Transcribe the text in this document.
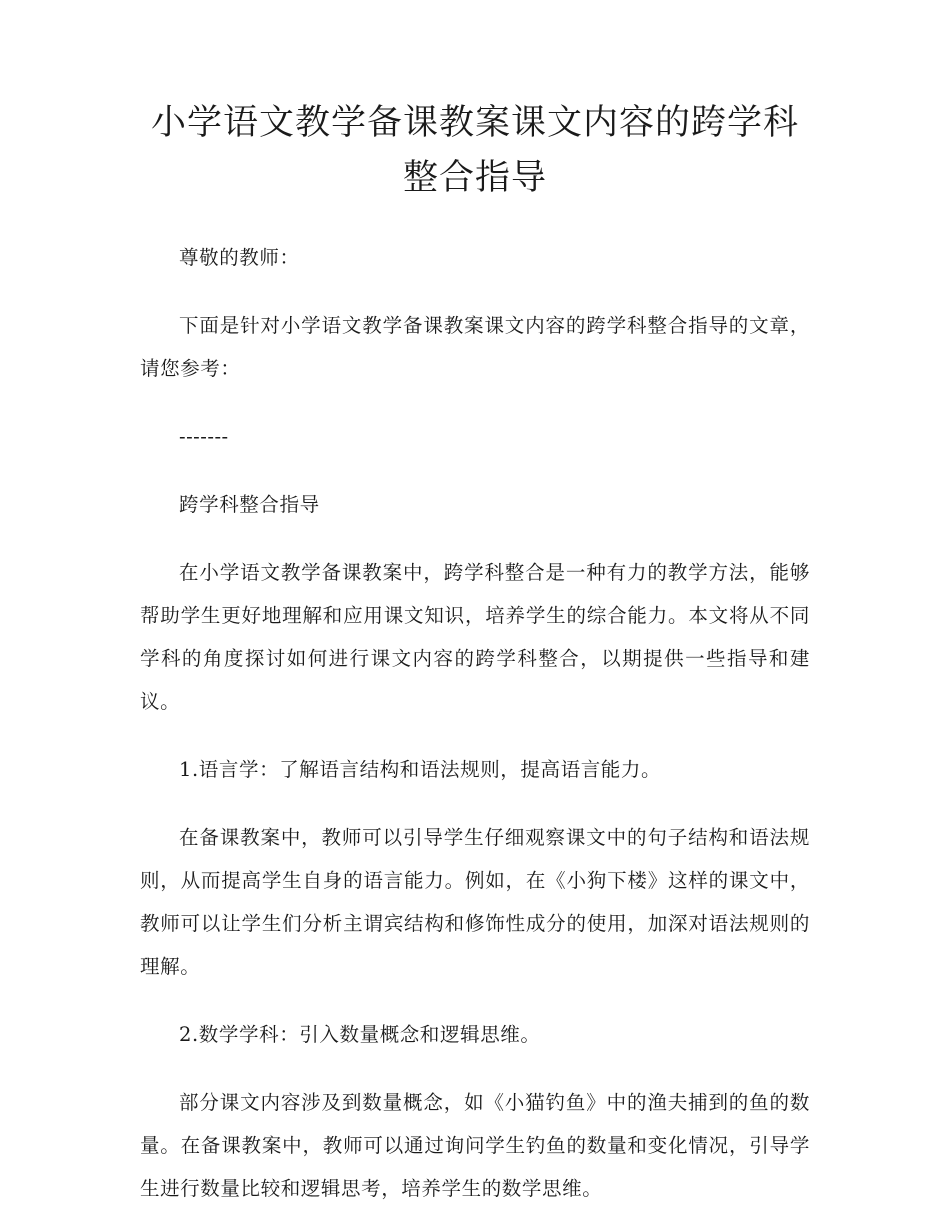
小学语文教学备课教案课文内容的跨学科整合指导

尊敬的教师：

下面是针对小学语文教学备课教案课文内容的跨学科整合指导的文章，请您参考：

-------

跨学科整合指导

在小学语文教学备课教案中，跨学科整合是一种有力的教学方法，能够帮助学生更好地理解和应用课文知识，培养学生的综合能力。本文将从不同学科的角度探讨如何进行课文内容的跨学科整合，以期提供一些指导和建议。

1.语言学：了解语言结构和语法规则，提高语言能力。

在备课教案中，教师可以引导学生仔细观察课文中的句子结构和语法规则，从而提高学生自身的语言能力。例如，在《小狗下楼》这样的课文中，教师可以让学生们分析主谓宾结构和修饰性成分的使用，加深对语法规则的理解。

2.数学学科：引入数量概念和逻辑思维。

部分课文内容涉及到数量概念，如《小猫钓鱼》中的渔夫捕到的鱼的数量。在备课教案中，教师可以通过询问学生钓鱼的数量和变化情况，引导学生进行数量比较和逻辑思考，培养学生的数学思维。
